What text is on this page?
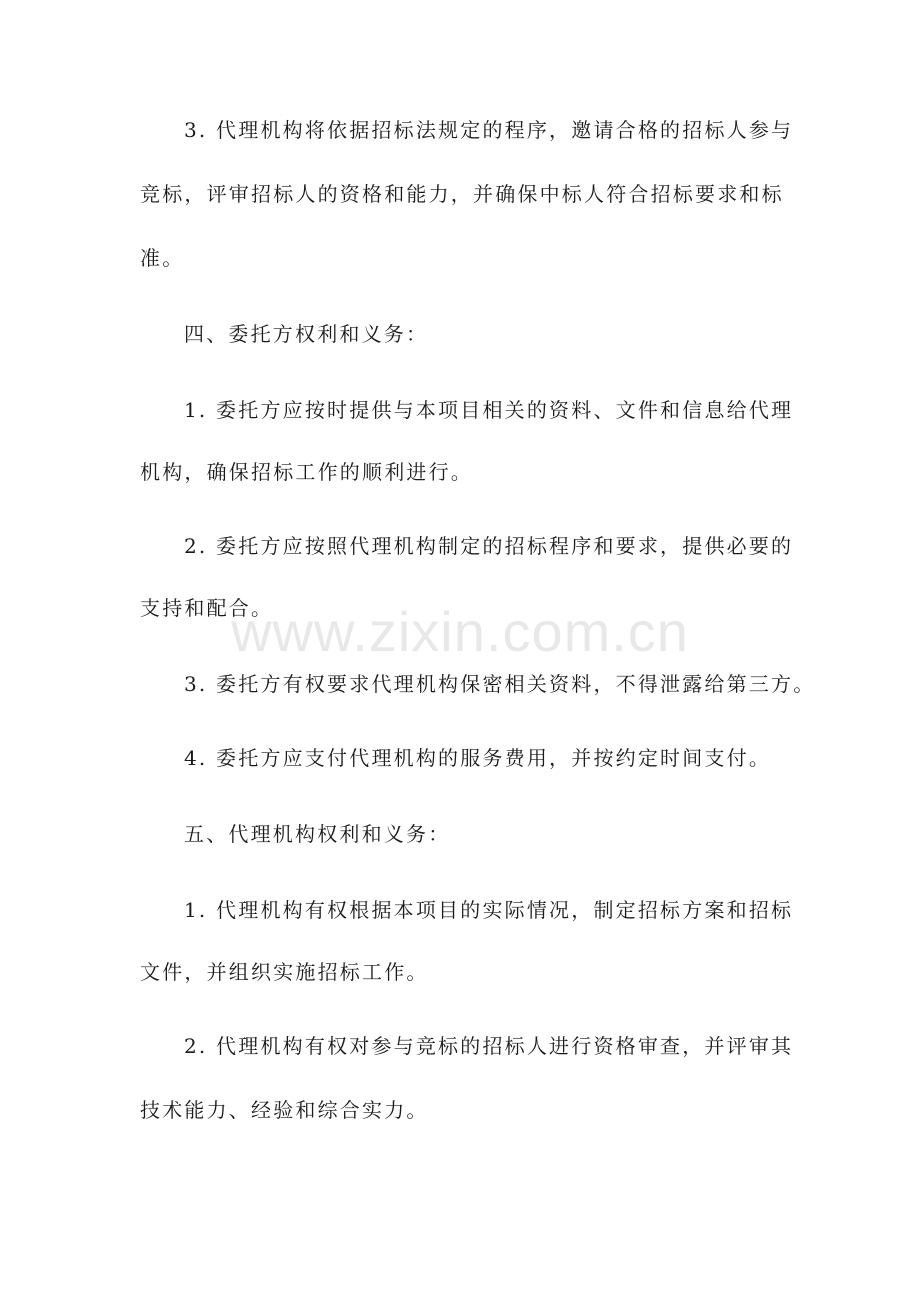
3. 代理机构将依据招标法规定的程序，邀请合格的招标人参与
竞标，评审招标人的资格和能力，并确保中标人符合招标要求和标
准。
四、委托方权利和义务：
1. 委托方应按时提供与本项目相关的资料、文件和信息给代理
机构，确保招标工作的顺利进行。
2. 委托方应按照代理机构制定的招标程序和要求，提供必要的
支持和配合。
3. 委托方有权要求代理机构保密相关资料，不得泄露给第三方。
4. 委托方应支付代理机构的服务费用，并按约定时间支付。
五、代理机构权利和义务：
1. 代理机构有权根据本项目的实际情况，制定招标方案和招标
文件，并组织实施招标工作。
2. 代理机构有权对参与竞标的招标人进行资格审查，并评审其
技术能力、经验和综合实力。
www.zixin.com.cn
